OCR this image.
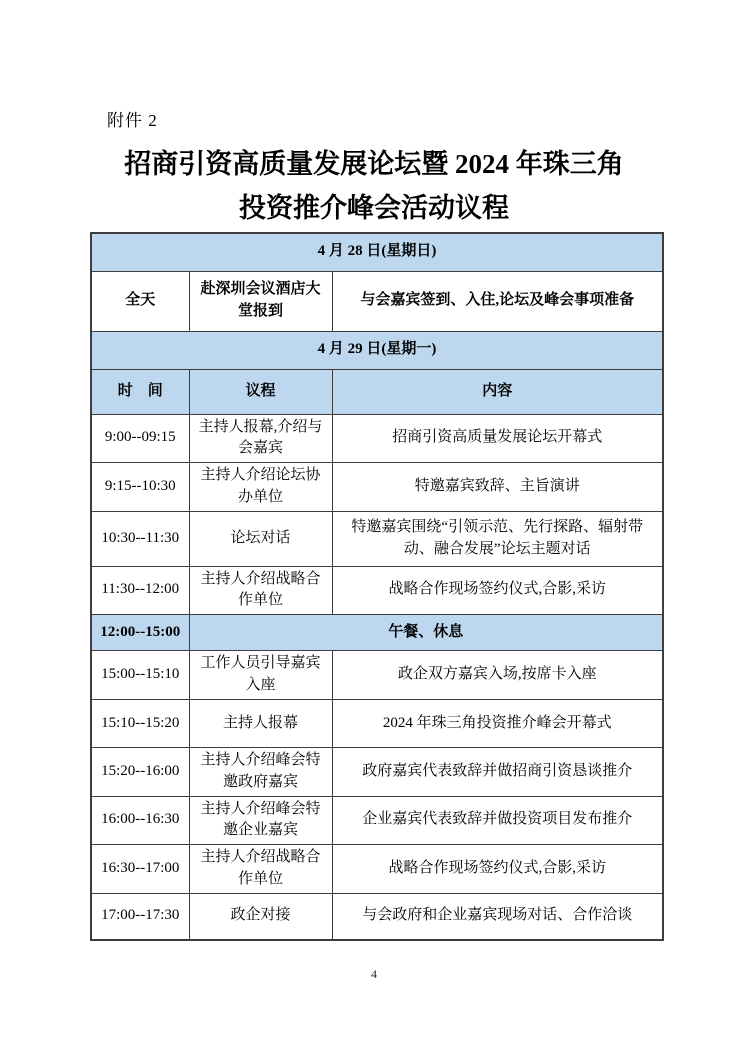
附件 2
招商引资高质量发展论坛暨 2024 年珠三角
投资推介峰会活动议程
4 月 28 日(星期日)		
全天	赴深圳会议酒店大堂报到	与会嘉宾签到、入住,论坛及峰会事项准备
4 月 29 日(星期一)		
时　间	议程	内容
9:00--09:15	主持人报幕,介绍与会嘉宾	招商引资高质量发展论坛开幕式
9:15--10:30	主持人介绍论坛协办单位	特邀嘉宾致辞、主旨演讲
10:30--11:30	论坛对话	特邀嘉宾围绕“引领示范、先行探路、辐射带动、融合发展”论坛主题对话
11:30--12:00	主持人介绍战略合作单位	战略合作现场签约仪式,合影,采访
12:00--15:00	午餐、休息	
15:00--15:10	工作人员引导嘉宾入座	政企双方嘉宾入场,按席卡入座
15:10--15:20	主持人报幕	2024 年珠三角投资推介峰会开幕式
15:20--16:00	主持人介绍峰会特邀政府嘉宾	政府嘉宾代表致辞并做招商引资恳谈推介
16:00--16:30	主持人介绍峰会特邀企业嘉宾	企业嘉宾代表致辞并做投资项目发布推介
16:30--17:00	主持人介绍战略合作单位	战略合作现场签约仪式,合影,采访
17:00--17:30	政企对接	与会政府和企业嘉宾现场对话、合作洽谈
4
